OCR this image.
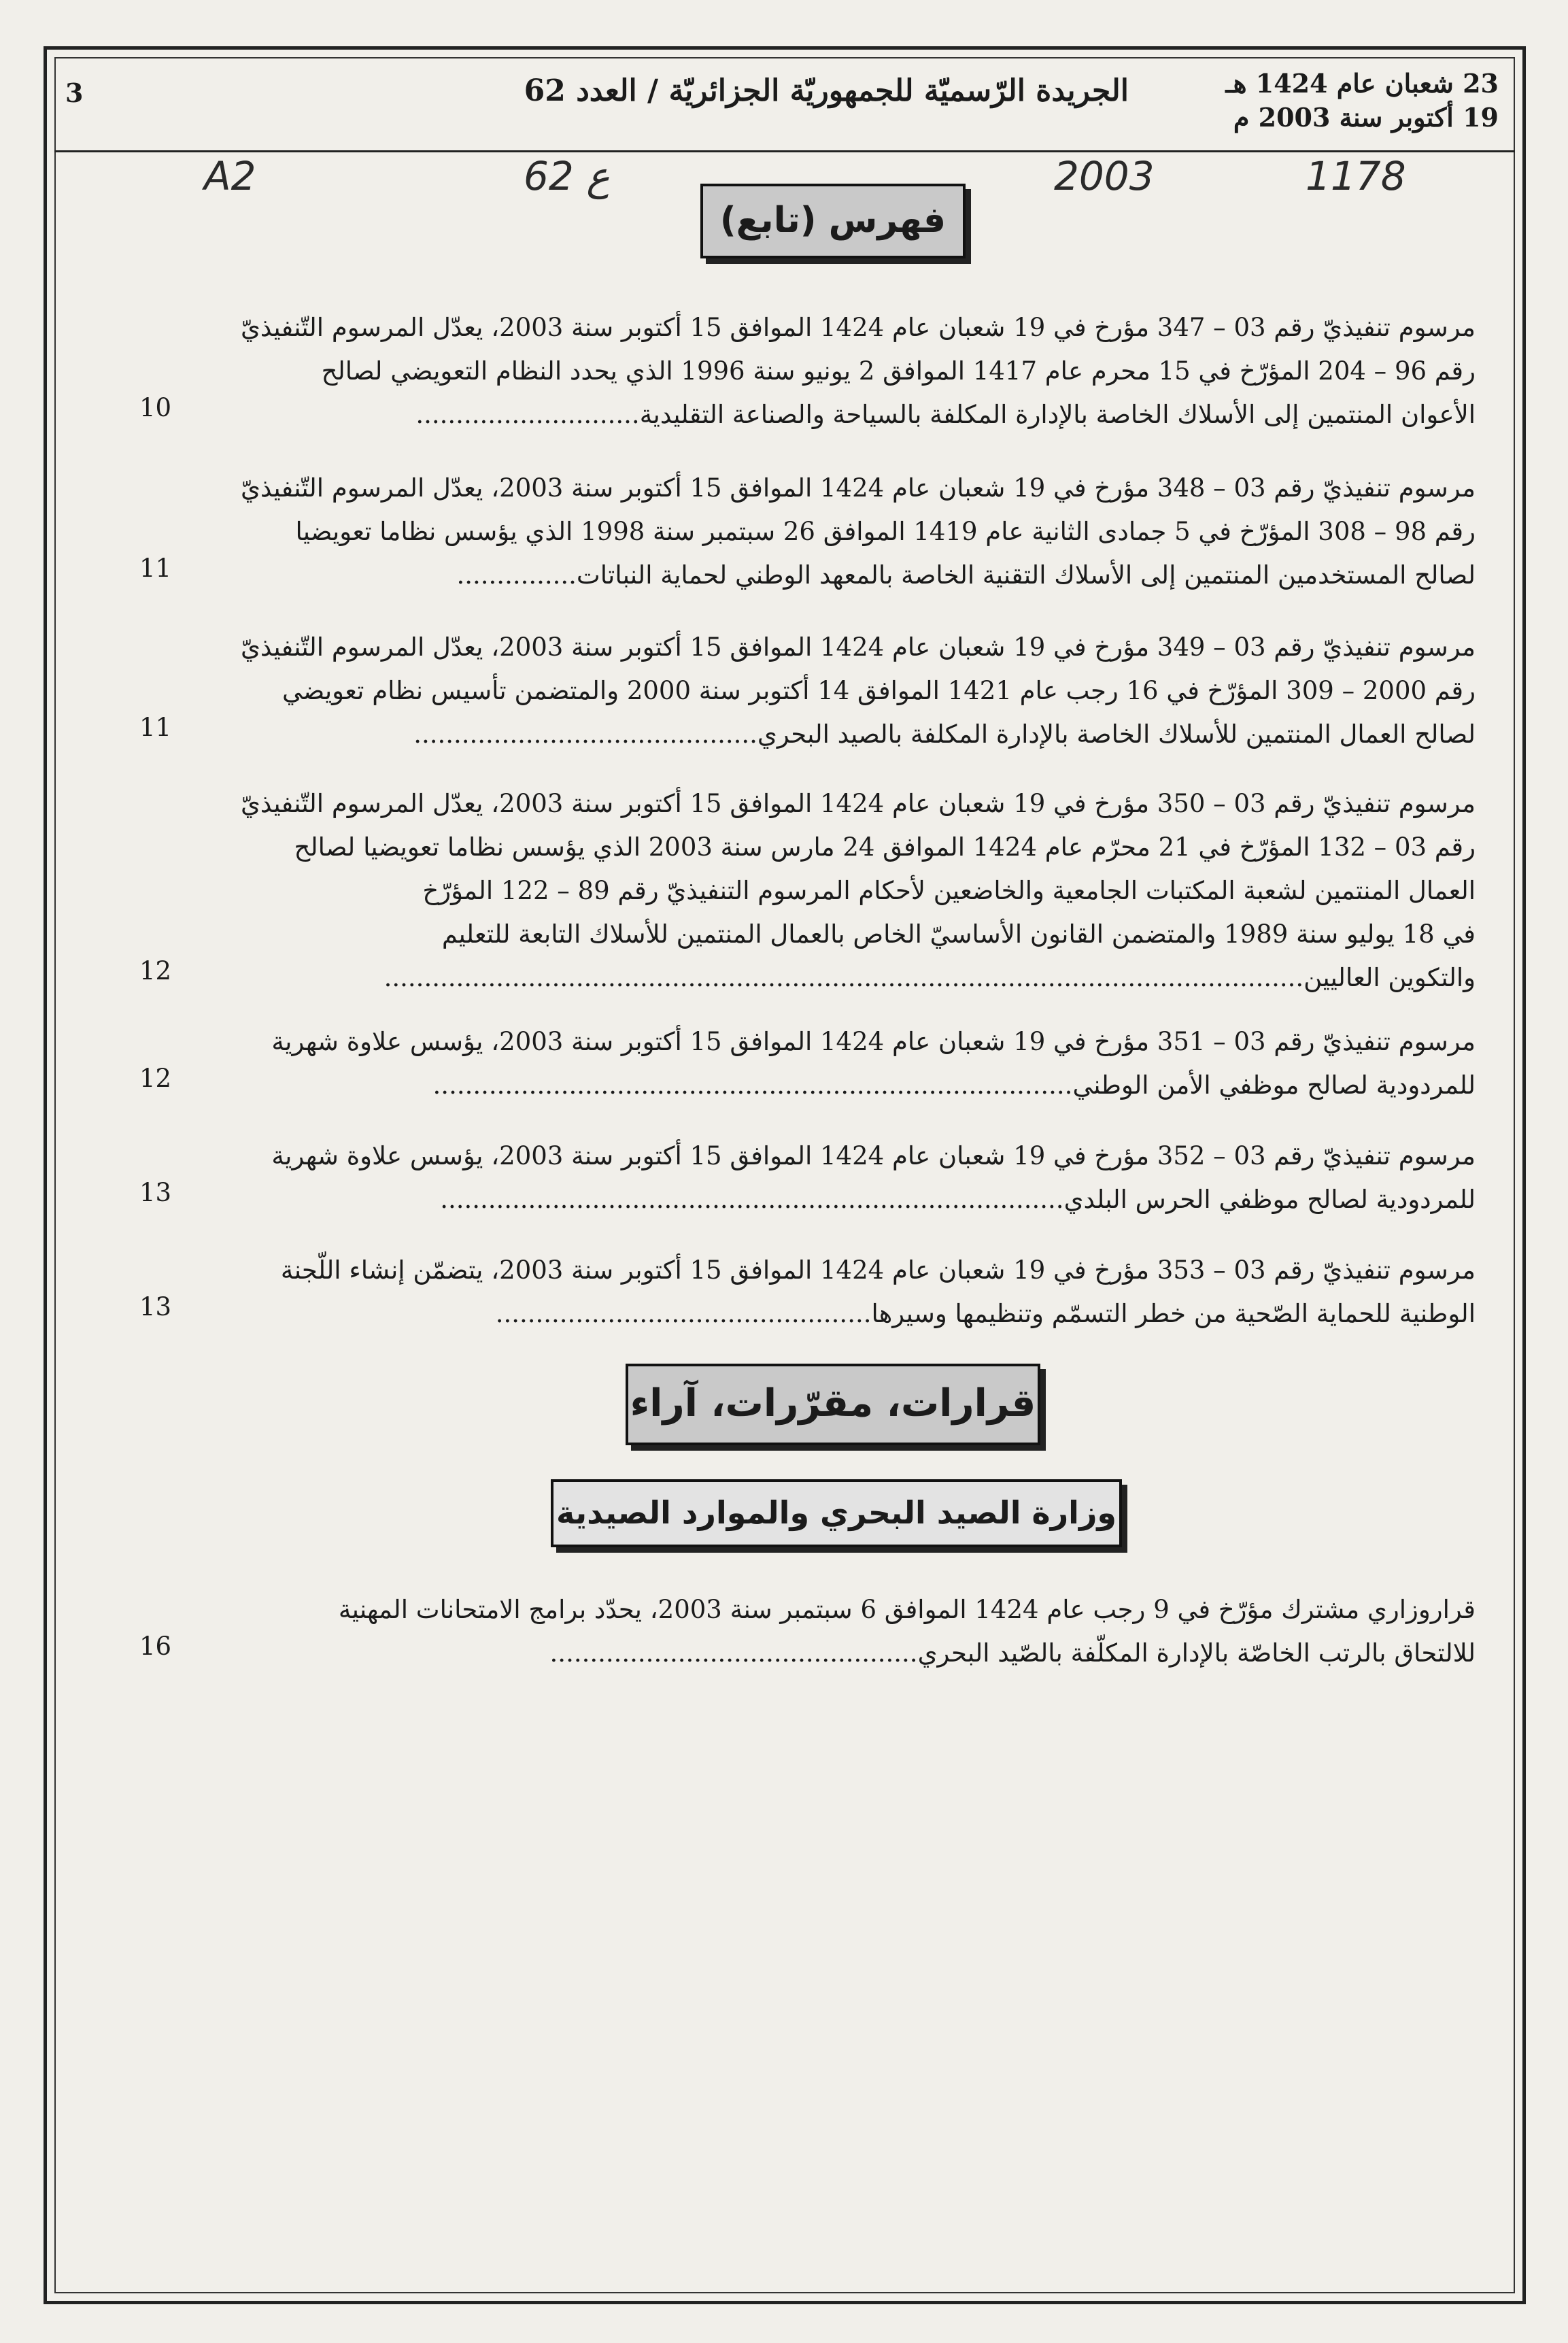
3	الجريدة الرّسميّة للجمهوريّة الجزائريّة / العدد 62	23 شعبان عام 1424 هـ
19 أكتوبر سنة 2003 م
A2	62 ع	2003	1178
فهرس (تابع)
مرسوم تنفيذيّ رقم 03 – 347 مؤرخ في 19 شعبان عام 1424 الموافق 15 أكتوبر سنة 2003، يعدّل المرسوم التّنفيذيّ
رقم 96 – 204 المؤرّخ في 15 محرم عام 1417 الموافق 2 يونيو سنة 1996 الذي يحدد النظام التعويضي لصالح
الأعوان المنتمين إلى الأسلاك الخاصة بالإدارة المكلفة بالسياحة والصناعة التقليدية............................
10
مرسوم تنفيذيّ رقم 03 – 348 مؤرخ في 19 شعبان عام 1424 الموافق 15 أكتوبر سنة 2003، يعدّل المرسوم التّنفيذيّ
رقم 98 – 308 المؤرّخ في 5 جمادى الثانية عام 1419 الموافق 26 سبتمبر سنة 1998 الذي يؤسس نظاما تعويضيا
لصالح المستخدمين المنتمين إلى الأسلاك التقنية الخاصة بالمعهد الوطني لحماية النباتات...............
11
مرسوم تنفيذيّ رقم 03 – 349 مؤرخ في 19 شعبان عام 1424 الموافق 15 أكتوبر سنة 2003، يعدّل المرسوم التّنفيذيّ
رقم 2000 – 309 المؤرّخ في 16 رجب عام 1421 الموافق 14 أكتوبر سنة 2000 والمتضمن تأسيس نظام تعويضي
لصالح العمال المنتمين للأسلاك الخاصة بالإدارة المكلفة بالصيد البحري...........................................
11
مرسوم تنفيذيّ رقم 03 – 350 مؤرخ في 19 شعبان عام 1424 الموافق 15 أكتوبر سنة 2003، يعدّل المرسوم التّنفيذيّ
رقم 03 – 132 المؤرّخ في 21 محرّم عام 1424 الموافق 24 مارس سنة 2003 الذي يؤسس نظاما تعويضيا لصالح
العمال المنتمين لشعبة المكتبات الجامعية والخاضعين لأحكام المرسوم التنفيذيّ رقم 89 – 122 المؤرّخ
في 18 يوليو سنة 1989 والمتضمن القانون الأساسيّ الخاص بالعمال المنتمين للأسلاك التابعة للتعليم
والتكوين العاليين...................................................................................................................
12
مرسوم تنفيذيّ رقم 03 – 351 مؤرخ في 19 شعبان عام 1424 الموافق 15 أكتوبر سنة 2003، يؤسس علاوة شهرية
للمردودية لصالح موظفي الأمن الوطني................................................................................
12
مرسوم تنفيذيّ رقم 03 – 352 مؤرخ في 19 شعبان عام 1424 الموافق 15 أكتوبر سنة 2003، يؤسس علاوة شهرية
للمردودية لصالح موظفي الحرس البلدي..............................................................................
13
مرسوم تنفيذيّ رقم 03 – 353 مؤرخ في 19 شعبان عام 1424 الموافق 15 أكتوبر سنة 2003، يتضمّن إنشاء اللّجنة
الوطنية للحماية الصّحية من خطر التسمّم وتنظيمها وسيرها...............................................
13
قرارات، مقرّرات، آراء
وزارة الصيد البحري والموارد الصيدية
قراروزاري مشترك مؤرّخ في 9 رجب عام 1424 الموافق 6 سبتمبر سنة 2003، يحدّد برامج الامتحانات المهنية
للالتحاق بالرتب الخاصّة بالإدارة المكلّفة بالصّيد البحري..............................................
16
